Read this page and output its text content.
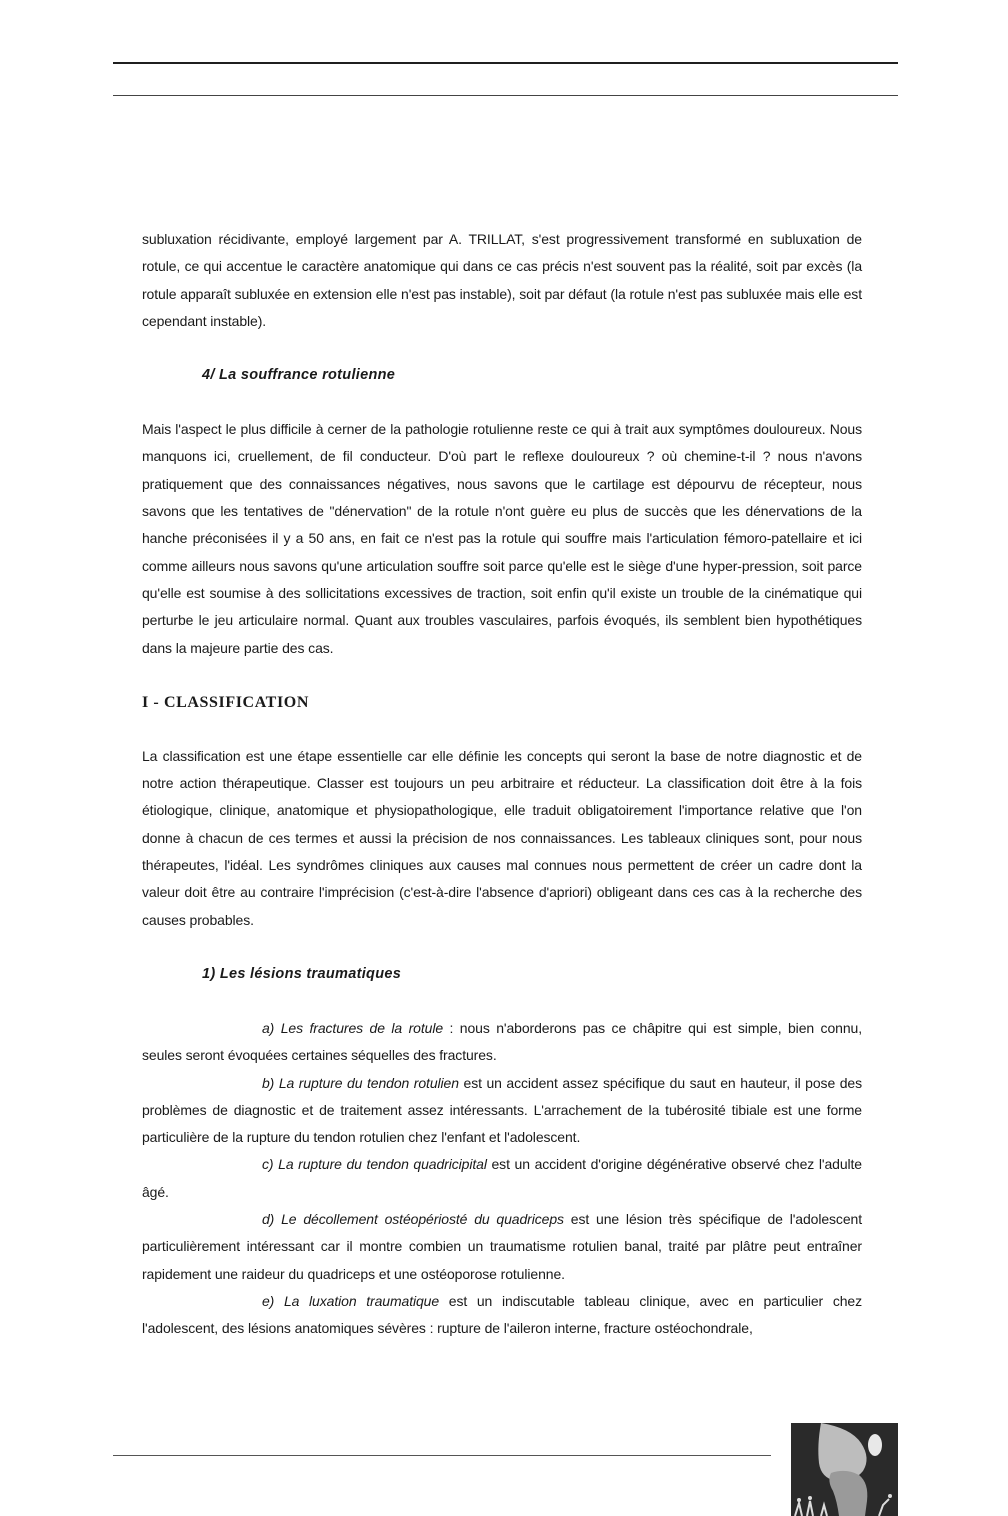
subluxation récidivante, employé largement par A. TRILLAT, s'est progressivement transformé en subluxation de rotule, ce qui accentue le caractère anatomique qui dans ce cas précis n'est souvent pas la réalité, soit par excès (la rotule apparaît subluxée en extension elle n'est pas instable), soit par défaut (la rotule n'est pas subluxée mais elle est cependant instable).

4/ La souffrance rotulienne

Mais l'aspect le plus difficile à cerner de la pathologie rotulienne reste ce qui à trait aux symptômes douloureux. Nous manquons ici, cruellement, de fil conducteur. D'où part le reflexe douloureux ? où chemine-t-il ? nous n'avons pratiquement que des connaissances négatives, nous savons que le cartilage est dépourvu de récepteur, nous savons que les tentatives de "dénervation" de la rotule n'ont guère eu plus de succès que les dénervations de la hanche préconisées il y a 50 ans, en fait ce n'est pas la rotule qui souffre mais l'articulation fémoro-patellaire et ici comme ailleurs nous savons qu'une articulation souffre soit parce qu'elle est le siège d'une hyper-pression, soit parce qu'elle est soumise à des sollicitations excessives de traction, soit enfin qu'il existe un trouble de la cinématique qui perturbe le jeu articulaire normal. Quant aux troubles vasculaires, parfois évoqués, ils semblent bien hypothétiques dans la majeure partie des cas.

I - CLASSIFICATION

La classification est une étape essentielle car elle définie les concepts qui seront la base de notre diagnostic et de notre action thérapeutique. Classer est toujours un peu arbitraire et réducteur. La classification doit être à la fois étiologique, clinique, anatomique et physiopathologique, elle traduit obligatoirement l'importance relative que l'on donne à chacun de ces termes et aussi la précision de nos connaissances. Les tableaux cliniques sont, pour nous thérapeutes, l'idéal. Les syndrômes cliniques aux causes mal connues nous permettent de créer un cadre dont la valeur doit être au contraire l'imprécision (c'est-à-dire l'absence d'apriori) obligeant dans ces cas à la recherche des causes probables.

1) Les lésions traumatiques

a) Les fractures de la rotule : nous n'aborderons pas ce châpitre qui est simple, bien connu, seules seront évoquées certaines séquelles des fractures.

b) La rupture du tendon rotulien est un accident assez spécifique du saut en hauteur, il pose des problèmes de diagnostic et de traitement assez intéressants. L'arrachement de la tubérosité tibiale est une forme particulière de la rupture du tendon rotulien chez l'enfant et l'adolescent.

c) La rupture du tendon quadricipital est un accident d'origine dégénérative observé chez l'adulte âgé.

d) Le décollement ostéopériosté du quadriceps est une lésion très spécifique de l'adolescent particulièrement intéressant car il montre combien un traumatisme rotulien banal, traité par plâtre peut entraîner rapidement une raideur du quadriceps et une ostéoporose rotulienne.

e) La luxation traumatique est un indiscutable tableau clinique, avec en particulier chez l'adolescent, des lésions anatomiques sévères : rupture de l'aileron interne, fracture ostéochondrale,
